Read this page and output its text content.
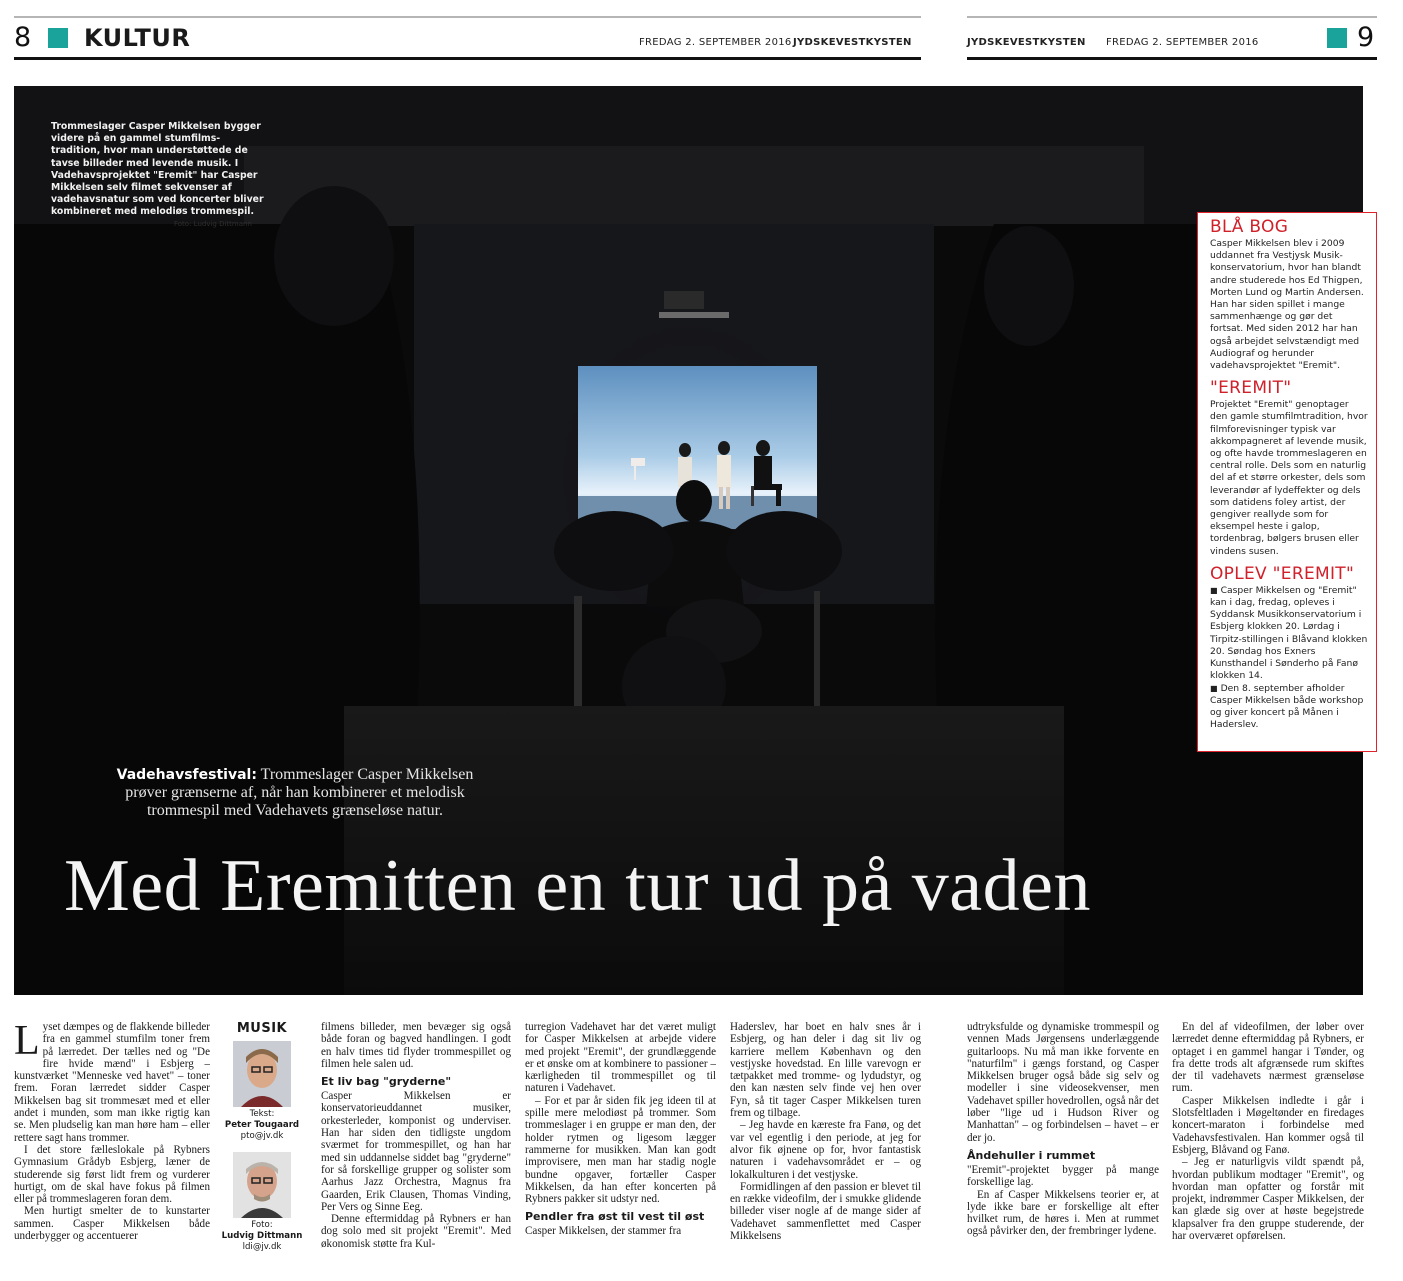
8 KULTUR	FREDAG 2. SEPTEMBER 2016 JYDSKEVESTKYSTEN	JYDSKEVESTKYSTEN FREDAG 2. SEPTEMBER 2016	9
Trommeslager Casper Mikkelsen bygger videre på en gammel stumfilms-tradition, hvor man understøttede de tavse billeder med levende musik. I Vadehavsprojektet "Eremit" har Casper Mikkelsen selv filmet sekvenser af vadehavsnatur som ved koncerter bliver kombineret med melodiøs trommespil.
Foto: Ludvig Dittmann
Vadehavsfestival: Trommeslager Casper Mikkelsen prøver grænserne af, når han kombinerer et melodisk trommespil med Vadehavets grænseløse natur.
Med Eremitten en tur ud på vaden
BLÅ BOG

Casper Mikkelsen blev i 2009 uddannet fra Vestjysk Musik-konservatorium, hvor han blandt andre studerede hos Ed Thigpen, Morten Lund og Martin Andersen. Han har siden spillet i mange sammenhænge og gør det fortsat. Med siden 2012 har han også arbejdet selvstændigt med Audiograf og herunder vadehavsprojektet "Eremit".

"EREMIT"

Projektet "Eremit" genoptager den gamle stumfilmtradition, hvor filmforevisninger typisk var akkompagneret af levende musik, og ofte havde trommeslageren en central rolle. Dels som en naturlig del af et større orkester, dels som leverandør af lydeffekter og dels som datidens foley artist, der gengiver reallyde som for eksempel heste i galop, tordenbrag, bølgers brusen eller vindens susen.

OPLEV "EREMIT"

■ Casper Mikkelsen og "Eremit" kan i dag, fredag, opleves i Syddansk Musikkonservatorium i Esbjerg klokken 20. Lørdag i Tirpitz-stillingen i Blåvand klokken 20. Søndag hos Exners Kunsthandel i Sønderho på Fanø klokken 14.

■ Den 8. september afholder Casper Mikkelsen både workshop og giver koncert på Månen i Haderslev.

L yset dæmpes og de flakkende billeder fra en gammel stumfilm toner frem på lærredet. Der tælles ned og "De fire hvide mænd" i Esbjerg – kunstværket "Menneske ved havet" – toner frem. Foran lærredet sidder Casper Mikkelsen bag sit trommesæt med et eller andet i munden, som man ikke rigtig kan se. Men pludselig kan man høre ham – eller rettere sagt hans trommer.

I det store fælleslokale på Rybners Gymnasium Grådyb Esbjerg, læner de studerende sig først lidt frem og vurderer hurtigt, om de skal have fokus på filmen eller på trommeslageren foran dem.

Men hurtigt smelter de to kunstarter sammen. Casper Mikkelsen både underbygger og accentuerer

MUSIK
Tekst:
Peter Tougaard
pto@jv.dk
Foto:
Ludvig Dittmann
ldi@jv.dk

filmens billeder, men bevæger sig også både foran og bagved handlingen. I godt en halv times tid flyder trommespillet og filmen hele salen ud.

Et liv bag "gryderne"

Casper Mikkelsen er konservatorieuddannet musiker, orkesterleder, komponist og underviser. Han har siden den tidligste ungdom sværmet for trommespillet, og han har med sin uddannelse siddet bag "gryderne" for så forskellige grupper og solister som Aarhus Jazz Orchestra, Magnus fra Gaarden, Erik Clausen, Thomas Vinding, Per Vers og Sinne Eeg.

Denne eftermiddag på Rybners er han dog solo med sit projekt "Eremit". Med økonomisk støtte fra Kul-

turregion Vadehavet har det været muligt for Casper Mikkelsen at arbejde videre med projekt "Eremit", der grundlæggende er et ønske om at kombinere to passioner – kærligheden til trommespillet og til naturen i Vadehavet.

– For et par år siden fik jeg ideen til at spille mere melodiøst på trommer. Som trommeslager i en gruppe er man den, der holder rytmen og ligesom lægger rammerne for musikken. Man kan godt improvisere, men man har stadig nogle bundne opgaver, fortæller Casper Mikkelsen, da han efter koncerten på Rybners pakker sit udstyr ned.

Pendler fra øst til vest til øst

Casper Mikkelsen, der stammer fra

Haderslev, har boet en halv snes år i Esbjerg, og han deler i dag sit liv og karriere mellem København og den vestjyske hovedstad. En lille varevogn er tætpakket med tromme- og lydudstyr, og den kan næsten selv finde vej hen over Fyn, så tit tager Casper Mikkelsen turen frem og tilbage.

– Jeg havde en kæreste fra Fanø, og det var vel egentlig i den periode, at jeg for alvor fik øjnene op for, hvor fantastisk naturen i vadehavsområdet er – og lokalkulturen i det vestjyske.

Formidlingen af den passion er blevet til en række videofilm, der i smukke glidende billeder viser nogle af de mange sider af Vadehavet sammenflettet med Casper Mikkelsens

udtryksfulde og dynamiske trommespil og vennen Mads Jørgensens underlæggende guitarloops. Nu må man ikke forvente en "naturfilm" i gængs forstand, og Casper Mikkelsen bruger også både sig selv og modeller i sine videosekvenser, men Vadehavet spiller hovedrollen, også når det løber "lige ud i Hudson River og Manhattan" – og forbindelsen – havet – er der jo.

Åndehuller i rummet

"Eremit"-projektet bygger på mange forskellige lag.

En af Casper Mikkelsens teorier er, at lyde ikke bare er forskellige alt efter hvilket rum, de høres i. Men at rummet også påvirker den, der frembringer lydene.

En del af videofilmen, der løber over lærredet denne eftermiddag på Rybners, er optaget i en gammel hangar i Tønder, og fra dette trods alt afgrænsede rum skiftes der til vadehavets nærmest grænseløse rum.

Casper Mikkelsen indledte i går i Slotsfeltladen i Møgeltønder en firedages koncert-maraton i forbindelse med Vadehavsfestivalen. Han kommer også til Esbjerg, Blåvand og Fanø.

– Jeg er naturligvis vildt spændt på, hvordan publikum modtager "Eremit", og hvordan man opfatter og forstår mit projekt, indrømmer Casper Mikkelsen, der kan glæde sig over at høste begejstrede klapsalver fra den gruppe studerende, der har overværet opførelsen.
